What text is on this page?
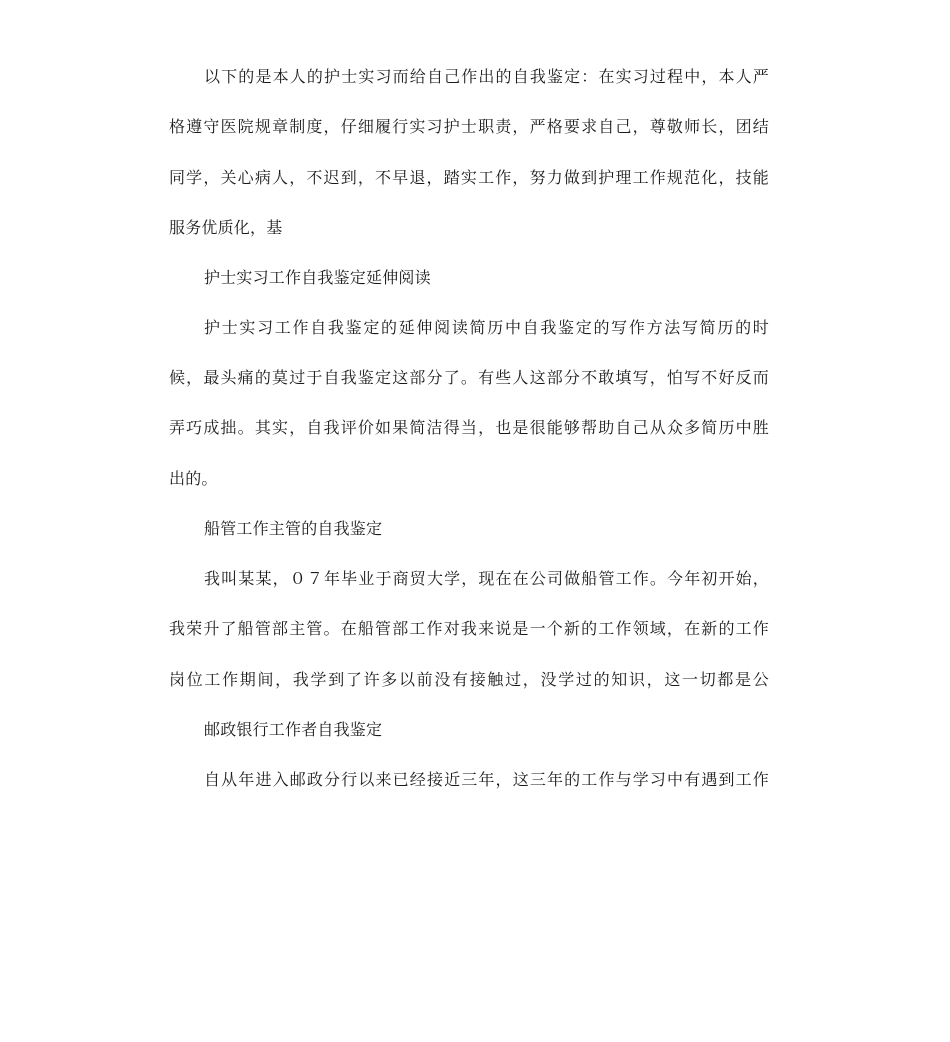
以下的是本人的护士实习而给自己作出的自我鉴定：在实习过程中，本人严

格遵守医院规章制度，仔细履行实习护士职责，严格要求自己，尊敬师长，团结

同学，关心病人，不迟到，不早退，踏实工作，努力做到护理工作规范化，技能

服务优质化，基

护士实习工作自我鉴定延伸阅读

护士实习工作自我鉴定的延伸阅读简历中自我鉴定的写作方法写简历的时

候，最头痛的莫过于自我鉴定这部分了。有些人这部分不敢填写，怕写不好反而

弄巧成拙。其实，自我评价如果简洁得当，也是很能够帮助自己从众多简历中胜

出的。

船管工作主管的自我鉴定

我叫某某，０７年毕业于商贸大学，现在在公司做船管工作。今年初开始，

我荣升了船管部主管。在船管部工作对我来说是一个新的工作领域，在新的工作

岗位工作期间，我学到了许多以前没有接触过，没学过的知识，这一切都是公

邮政银行工作者自我鉴定

自从年进入邮政分行以来已经接近三年，这三年的工作与学习中有遇到工作
